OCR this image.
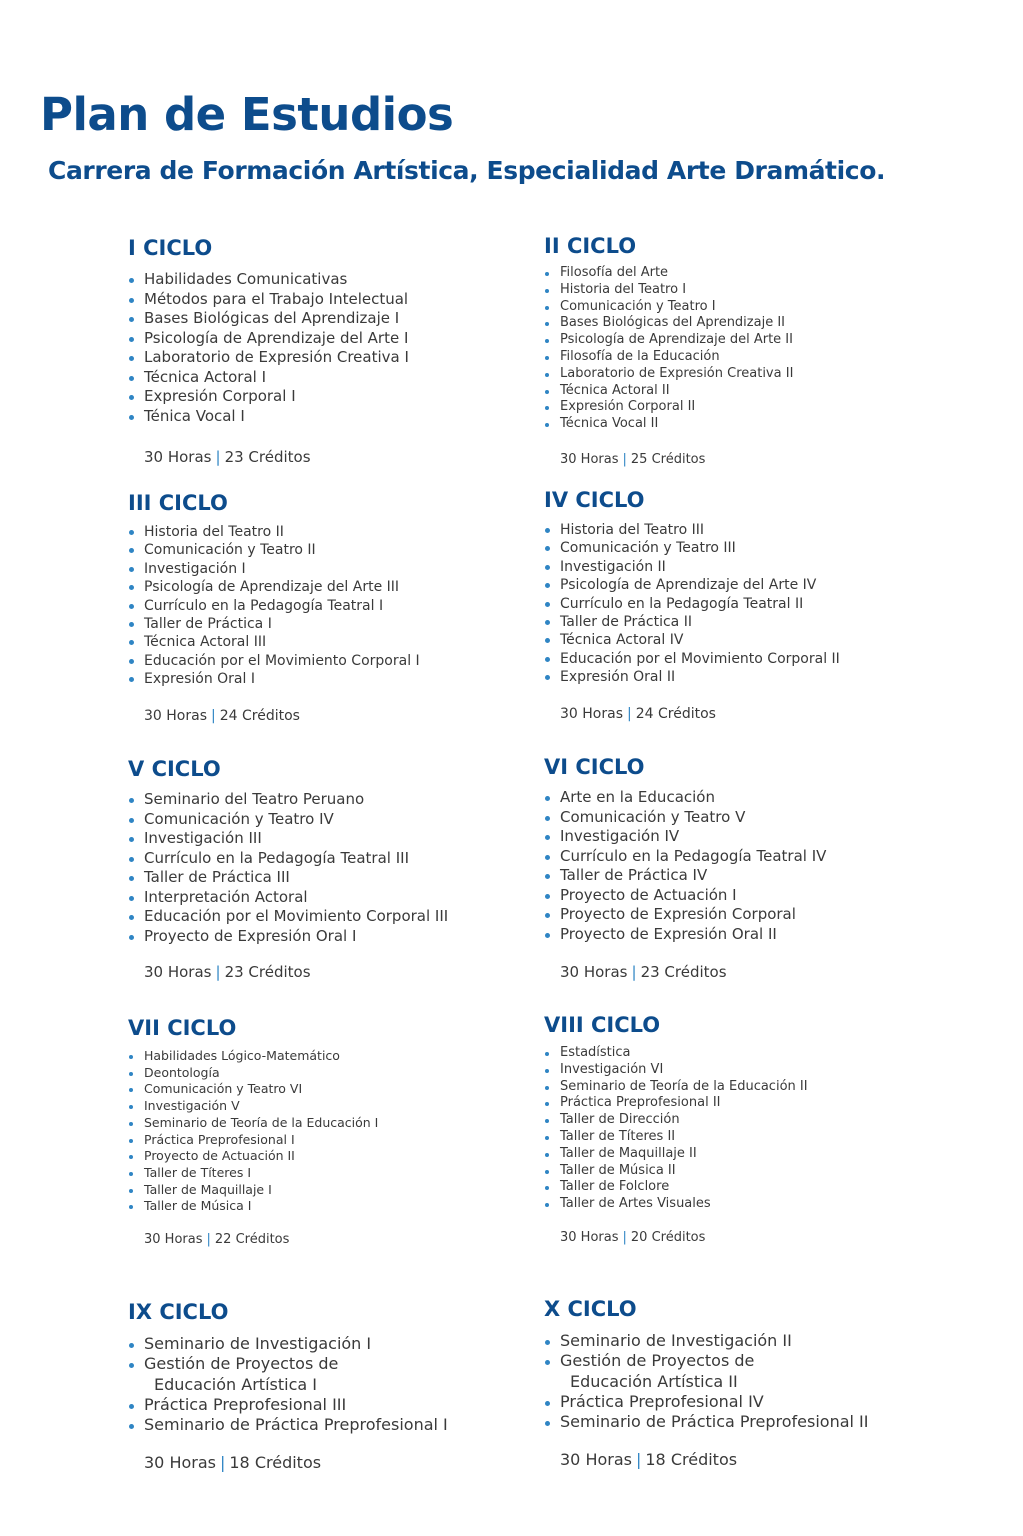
Plan de Estudios
Carrera de Formación Artística, Especialidad Arte Dramático.
I CICLO
Habilidades Comunicativas
Métodos para el Trabajo Intelectual
Bases Biológicas del Aprendizaje I
Psicología de Aprendizaje del Arte I
Laboratorio de Expresión Creativa I
Técnica Actoral I
Expresión Corporal I
Ténica Vocal I
30 Horas | 23 Créditos
II CICLO
Filosofía del Arte
Historia del Teatro I
Comunicación y Teatro I
Bases Biológicas del Aprendizaje II
Psicología de Aprendizaje del Arte II
Filosofía de la Educación
Laboratorio de Expresión Creativa II
Técnica Actoral II
Expresión Corporal II
Técnica Vocal II
30 Horas | 25 Créditos
III CICLO
Historia del Teatro II
Comunicación y Teatro II
Investigación I
Psicología de Aprendizaje del Arte III
Currículo en la Pedagogía Teatral I
Taller de Práctica I
Técnica Actoral III
Educación por el Movimiento Corporal I
Expresión Oral I
30 Horas | 24 Créditos
IV CICLO
Historia del Teatro III
Comunicación y Teatro III
Investigación II
Psicología de Aprendizaje del Arte IV
Currículo en la Pedagogía Teatral II
Taller de Práctica II
Técnica Actoral IV
Educación por el Movimiento Corporal II
Expresión Oral II
30 Horas | 24 Créditos
V CICLO
Seminario del Teatro Peruano
Comunicación y Teatro IV
Investigación III
Currículo en la Pedagogía Teatral III
Taller de Práctica III
Interpretación Actoral
Educación por el Movimiento Corporal III
Proyecto de Expresión Oral I
30 Horas | 23 Créditos
VI CICLO
Arte en la Educación
Comunicación y Teatro V
Investigación IV
Currículo en la Pedagogía Teatral IV
Taller de Práctica IV
Proyecto de Actuación I
Proyecto de Expresión Corporal
Proyecto de Expresión Oral II
30 Horas | 23 Créditos
VII CICLO
Habilidades Lógico-Matemático
Deontología
Comunicación y Teatro VI
Investigación V
Seminario de Teoría de la Educación I
Práctica Preprofesional I
Proyecto de Actuación II
Taller de Títeres I
Taller de Maquillaje I
Taller de Música I
30 Horas | 22 Créditos
VIII CICLO
Estadística
Investigación VI
Seminario de Teoría de la Educación II
Práctica Preprofesional II
Taller de Dirección
Taller de Títeres II
Taller de Maquillaje II
Taller de Música II
Taller de Folclore
Taller de Artes Visuales
30 Horas | 20 Créditos
IX CICLO
Seminario de Investigación I
Gestión de Proyectos de
Educación Artística I
Práctica Preprofesional III
Seminario de Práctica Preprofesional I
30 Horas | 18 Créditos
X CICLO
Seminario de Investigación II
Gestión de Proyectos de
Educación Artística II
Práctica Preprofesional IV
Seminario de Práctica Preprofesional II
30 Horas | 18 Créditos
